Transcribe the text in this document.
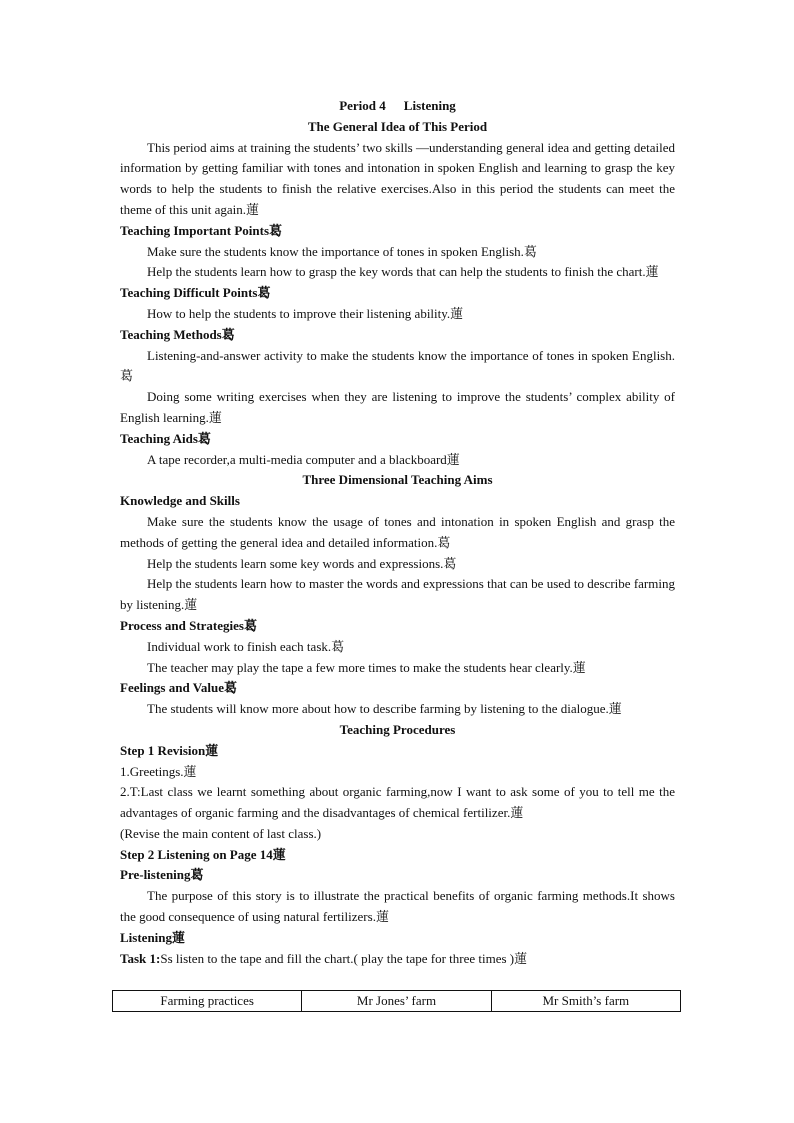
Period 4 Listening
The General Idea of This Period
This period aims at training the students’ two skills —understanding general idea and getting detailed information by getting familiar with tones and intonation in spoken English and learning to grasp the key words to help the students to finish the relative exercises.Also in this period the students can meet the theme of this unit again.蓮
Teaching Important Points葛
Make sure the students know the importance of tones in spoken English.葛
Help the students learn how to grasp the key words that can help the students to finish the chart.蓮
Teaching Difficult Points葛
How to help the students to improve their listening ability.蓮
Teaching Methods葛
Listening-and-answer activity to make the students know the importance of tones in spoken English.葛
Doing some writing exercises when they are listening to improve the students’ complex ability of English learning.蓮
Teaching Aids葛
A tape recorder,a multi-media computer and a blackboard蓮
Three Dimensional Teaching Aims
Knowledge and Skills
Make sure the students know the usage of tones and intonation in spoken English and grasp the methods of getting the general idea and detailed information.葛
Help the students learn some key words and expressions.葛
Help the students learn how to master the words and expressions that can be used to describe farming by listening.蓮
Process and Strategies葛
Individual work to finish each task.葛
The teacher may play the tape a few more times to make the students hear clearly.蓮
Feelings and Value葛
The students will know more about how to describe farming by listening to the dialogue.蓮
Teaching Procedures
Step 1 Revision蓮
1.Greetings.蓮
2.T:Last class we learnt something about organic farming,now I want to ask some of you to tell me the advantages of organic farming and the disadvantages of chemical fertilizer.蓮
(Revise the main content of last class.)
Step 2 Listening on Page 14蓮
Pre-listening葛
The purpose of this story is to illustrate the practical benefits of organic farming methods.It shows the good consequence of using natural fertilizers.蓮
Listening蓮
Task 1:Ss listen to the tape and fill the chart.( play the tape for three times )蓮
Farming practices	Mr Jones’ farm	Mr Smith’s farm
